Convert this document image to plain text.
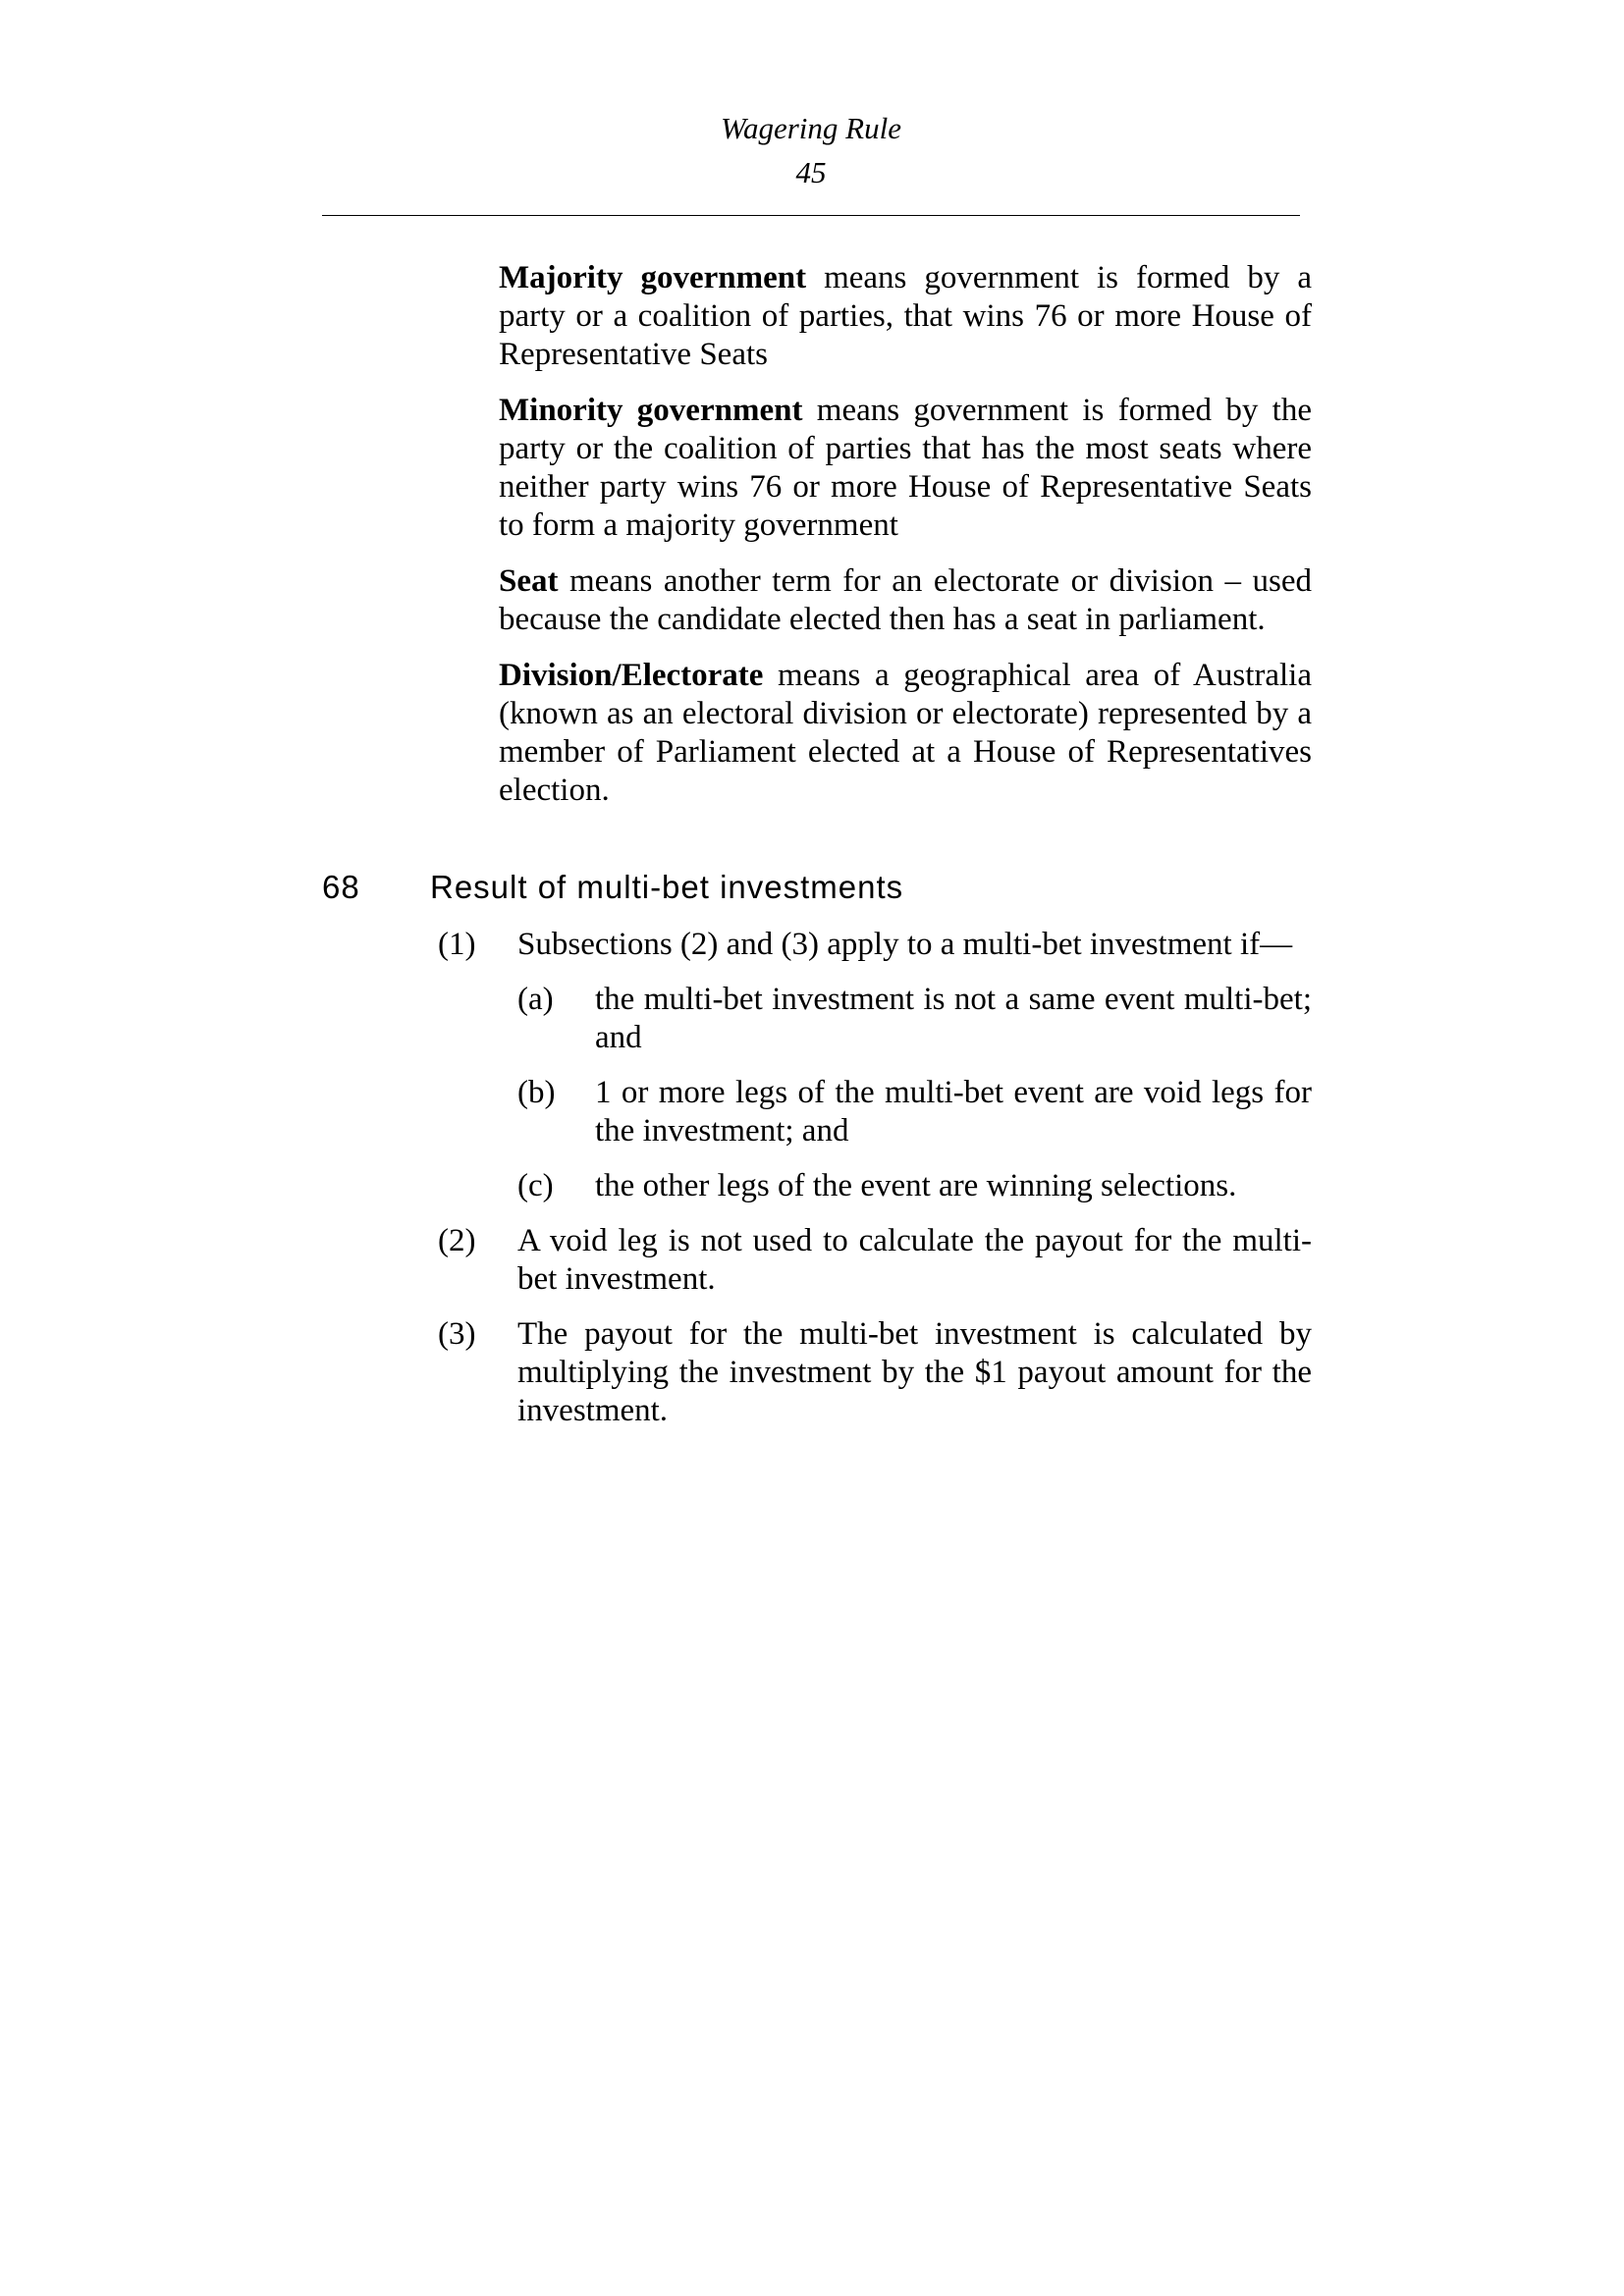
Wagering Rule
45

Majority government means government is formed by a party or a coalition of parties, that wins 76 or more House of Representative Seats

Minority government means government is formed by the party or the coalition of parties that has the most seats where neither party wins 76 or more House of Representative Seats to form a majority government

Seat means another term for an electorate or division – used because the candidate elected then has a seat in parliament.

Division/Electorate means a geographical area of Australia (known as an electoral division or electorate) represented by a member of Parliament elected at a House of Representatives election.

68 Result of multi-bet investments
(1) Subsections (2) and (3) apply to a multi-bet investment if—
(a) the multi-bet investment is not a same event multi-bet; and
(b) 1 or more legs of the multi-bet event are void legs for the investment; and
(c) the other legs of the event are winning selections.
(2) A void leg is not used to calculate the payout for the multi-bet investment.
(3) The payout for the multi-bet investment is calculated by multiplying the investment by the $1 payout amount for the investment.
